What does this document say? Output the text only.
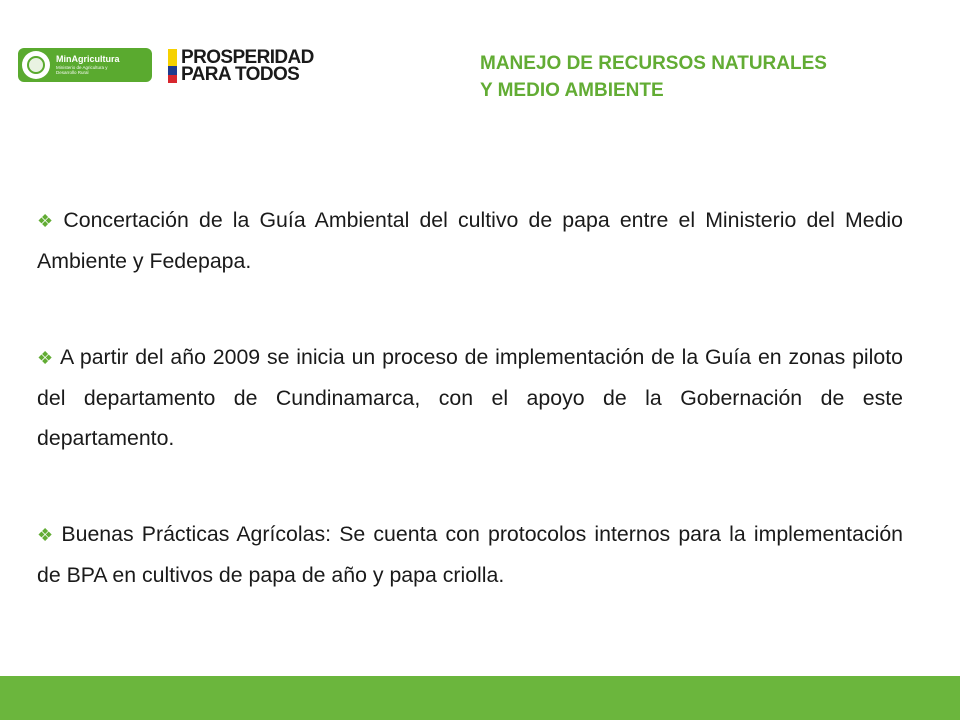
MinAgricultura
Ministerio de Agricultura y Desarrollo Rural
PROSPERIDAD
PARA TODOS
MANEJO DE RECURSOS NATURALES
Y MEDIO AMBIENTE

❖ Concertación de la Guía Ambiental del cultivo de papa entre el Ministerio del Medio Ambiente y Fedepapa.

❖ A partir del año 2009 se inicia un proceso de implementación de la Guía en zonas piloto del departamento de Cundinamarca, con el apoyo de la Gobernación de este departamento.

❖ Buenas Prácticas Agrícolas: Se cuenta con protocolos internos para la implementación de BPA en cultivos de papa de año y papa criolla.
